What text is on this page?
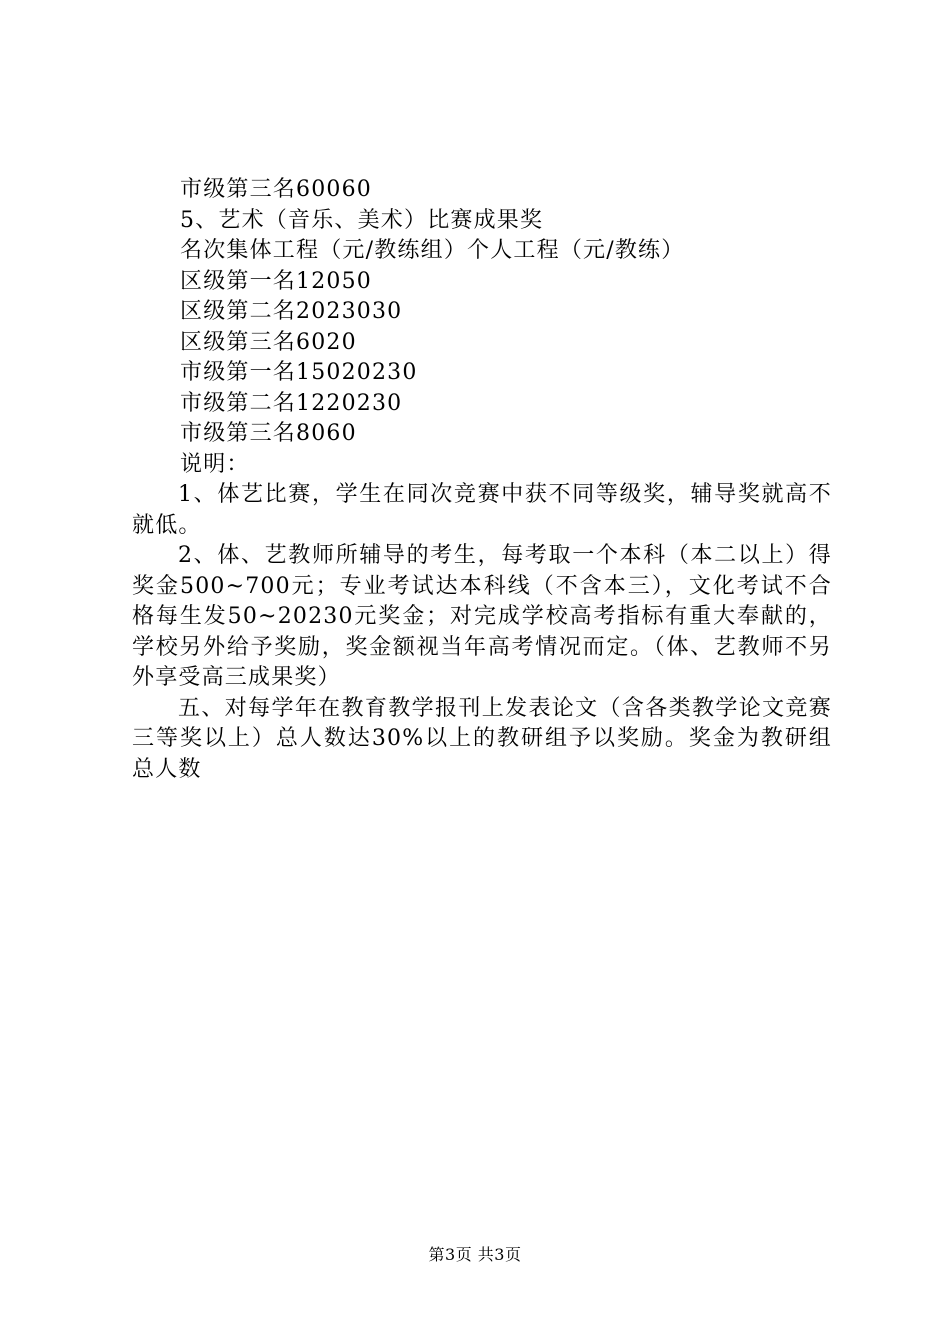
市级第三名60060
5、艺术（音乐、美术）比赛成果奖
名次集体工程（元/教练组）个人工程（元/教练）
区级第一名12050
区级第二名2023030
区级第三名6020
市级第一名15020230
市级第二名1220230
市级第三名8060
说明：
1、体艺比赛，学生在同次竞赛中获不同等级奖，辅导奖就高不就低。
2、体、艺教师所辅导的考生，每考取一个本科（本二以上）得奖金500~700元；专业考试达本科线（不含本三），文化考试不合格每生发50~20230元奖金；对完成学校高考指标有重大奉献的，学校另外给予奖励，奖金额视当年高考情况而定。（体、艺教师不另外享受高三成果奖）
五、对每学年在教育教学报刊上发表论文（含各类教学论文竞赛三等奖以上）总人数达30%以上的教研组予以奖励。奖金为教研组总人数
第3页 共3页
